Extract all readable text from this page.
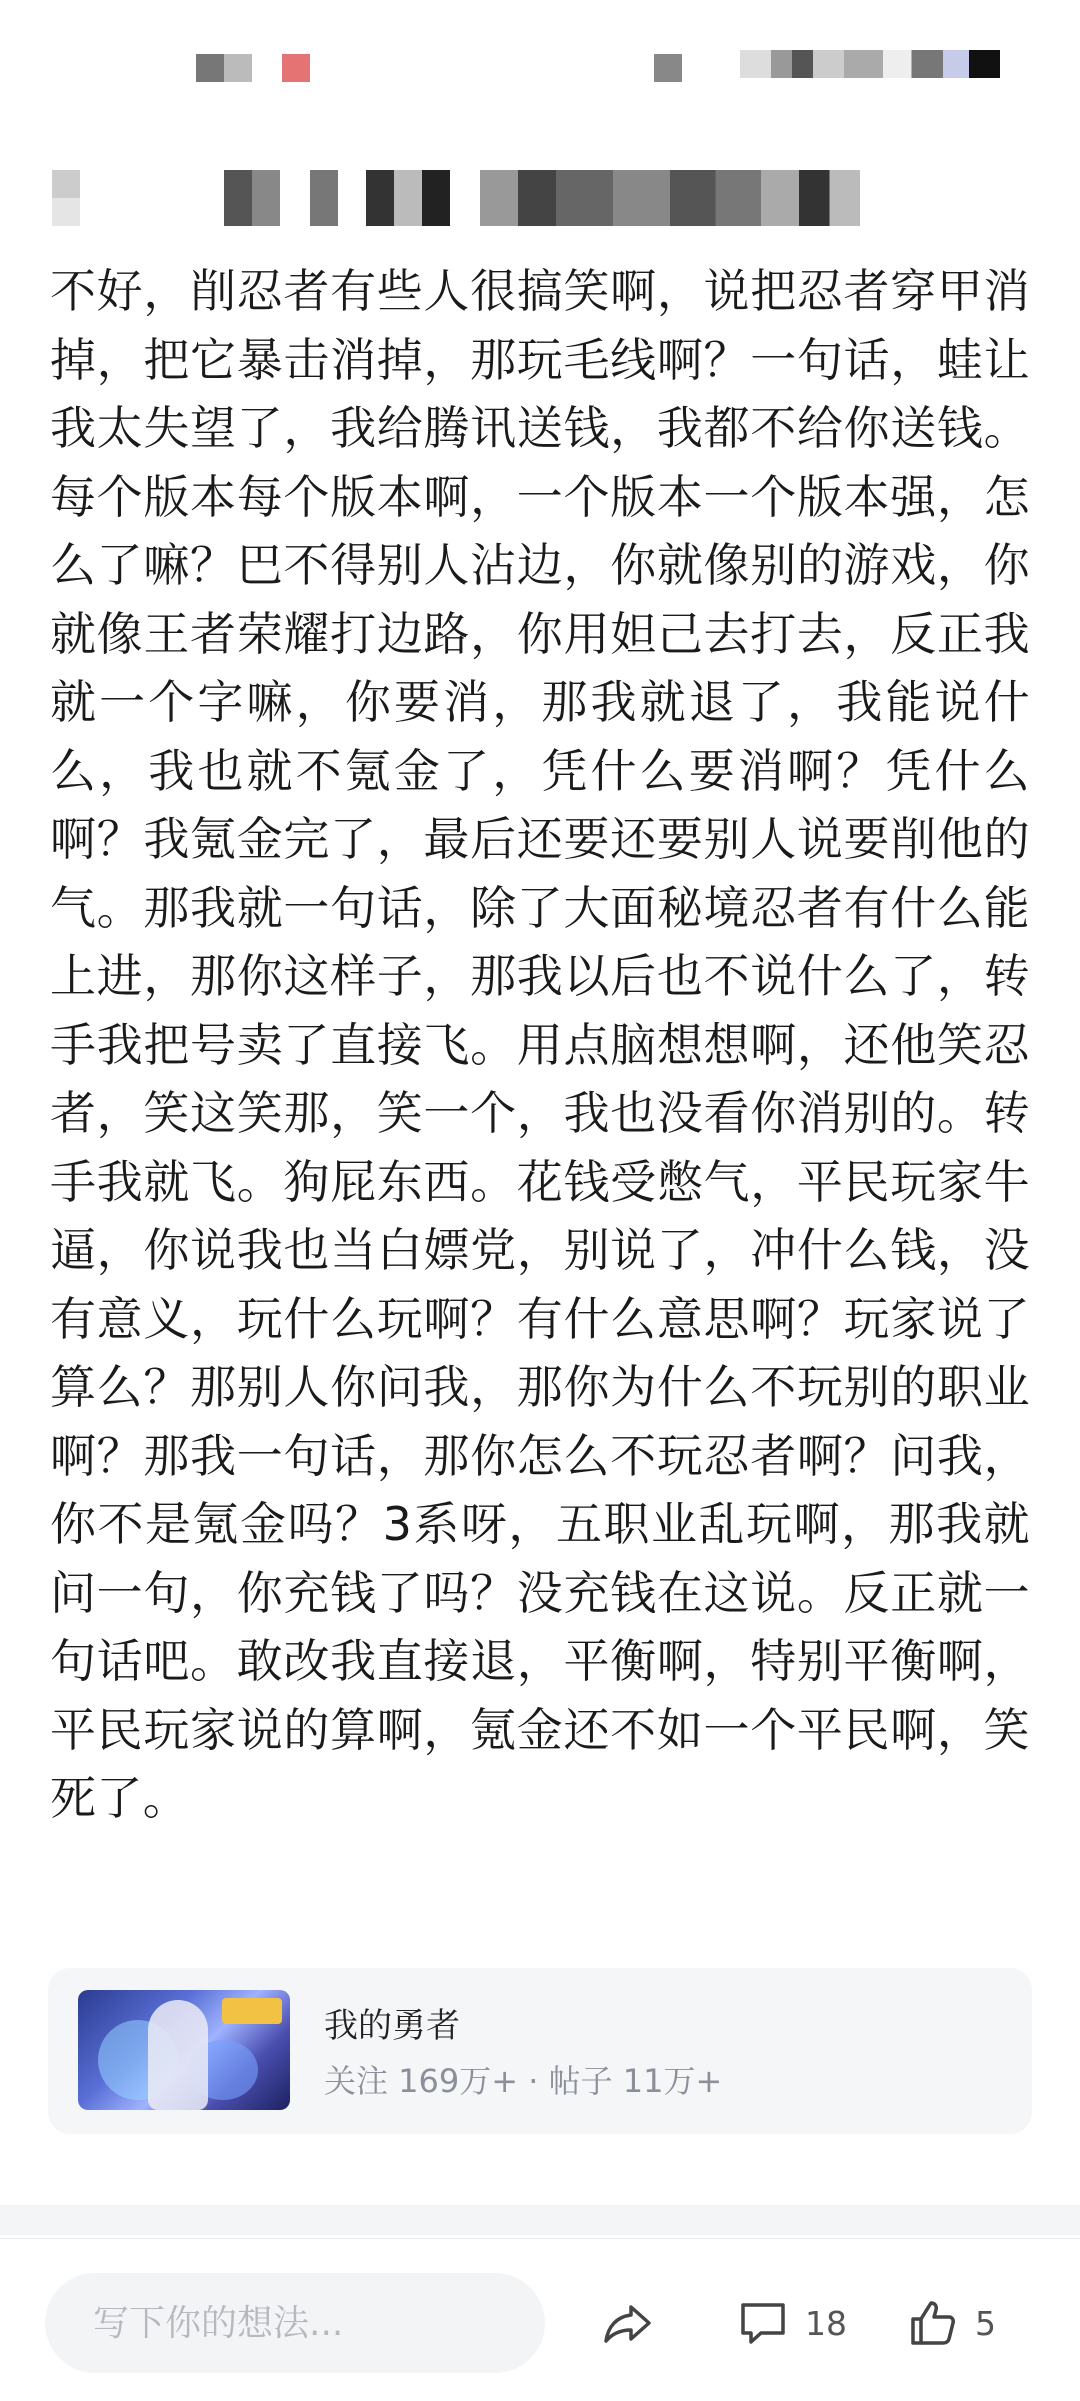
不好，削忍者有些人很搞笑啊，说把忍者穿甲消掉，把它暴击消掉，那玩毛线啊？一句话，蛙让我太失望了，我给腾讯送钱，我都不给你送钱。每个版本每个版本啊，一个版本一个版本强，怎么了嘛？巴不得别人沾边，你就像别的游戏，你就像王者荣耀打边路，你用妲己去打去，反正我就一个字嘛，你要消，那我就退了，我能说什么，我也就不氪金了，凭什么要消啊？凭什么啊？我氪金完了，最后还要还要别人说要削他的气。那我就一句话，除了大面秘境忍者有什么能上进，那你这样子，那我以后也不说什么了，转手我把号卖了直接飞。用点脑想想啊，还他笑忍者，笑这笑那，笑一个，我也没看你消别的。转手我就飞。狗屁东西。花钱受憋气，平民玩家牛逼，你说我也当白嫖党，别说了，冲什么钱，没有意义，玩什么玩啊？有什么意思啊？玩家说了算么？那别人你问我，那你为什么不玩别的职业啊？那我一句话，那你怎么不玩忍者啊？问我，你不是氪金吗？3系呀，五职业乱玩啊，那我就问一句，你充钱了吗？没充钱在这说。反正就一句话吧。敢改我直接退，平衡啊，特别平衡啊，平民玩家说的算啊，氪金还不如一个平民啊，笑死了。

我的勇者

关注 169万+ · 帖子 11万+

写下你的想法...
18	5
